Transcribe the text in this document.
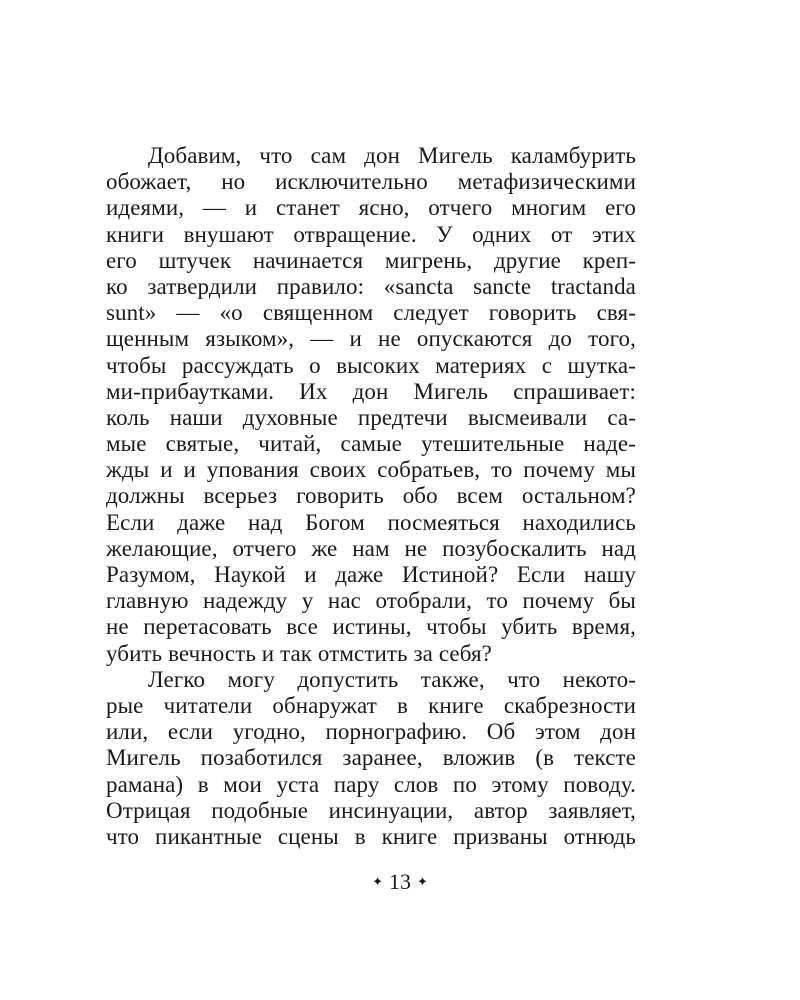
Добавим, что сам дон Мигель каламбурить
обожает, но исключительно метафизическими
идеями, — и станет ясно, отчего многим его
книги внушают отвращение. У одних от этих
его штучек начинается мигрень, другие креп-
ко затвердили правило: «sancta sancte tractanda
sunt» — «о священном следует говорить свя-
щенным языком», — и не опускаются до того,
чтобы рассуждать о высоких материях с шутка-
ми-прибаутками. Их дон Мигель спрашивает:
коль наши духовные предтечи высмеивали са-
мые святые, читай, самые утешительные наде-
жды и и упования своих собратьев, то почему мы
должны всерьез говорить обо всем остальном?
Если даже над Богом посмеяться находились
желающие, отчего же нам не позубоскалить над
Разумом, Наукой и даже Истиной? Если нашу
главную надежду у нас отобрали, то почему бы
не перетасовать все истины, чтобы убить время,
убить вечность и так отмстить за себя?
Легко могу допустить также, что некото-
рые читатели обнаружат в книге скабрезности
или, если угодно, порнографию. Об этом дон
Мигель позаботился заранее, вложив (в тексте
рамана) в мои уста пару слов по этому поводу.
Отрицая подобные инсинуации, автор заявляет,
что пикантные сцены в книге призваны отнюдь
✦ 13 ✦
